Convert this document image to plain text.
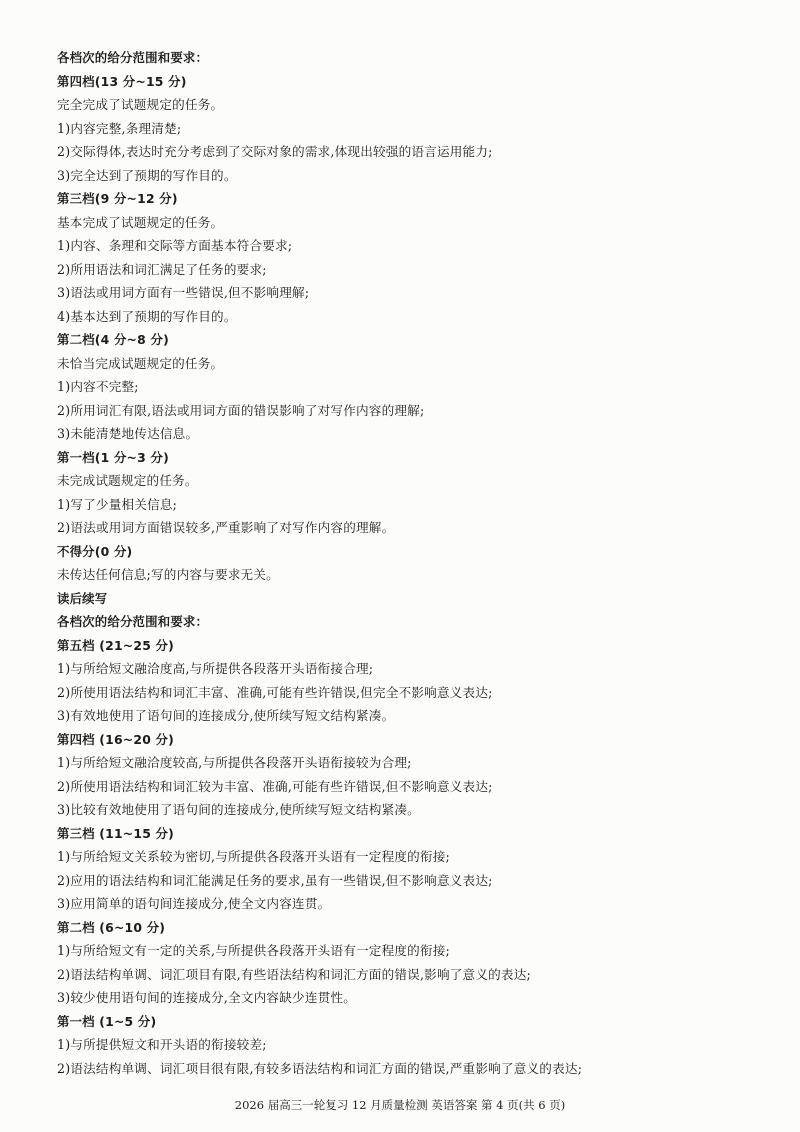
各档次的给分范围和要求：
第四档(13 分~15 分)
完全完成了试题规定的任务。
1)内容完整,条理清楚;
2)交际得体,表达时充分考虑到了交际对象的需求,体现出较强的语言运用能力;
3)完全达到了预期的写作目的。
第三档(9 分~12 分)
基本完成了试题规定的任务。
1)内容、条理和交际等方面基本符合要求;
2)所用语法和词汇满足了任务的要求;
3)语法或用词方面有一些错误,但不影响理解;
4)基本达到了预期的写作目的。
第二档(4 分~8 分)
未恰当完成试题规定的任务。
1)内容不完整;
2)所用词汇有限,语法或用词方面的错误影响了对写作内容的理解;
3)未能清楚地传达信息。
第一档(1 分~3 分)
未完成试题规定的任务。
1)写了少量相关信息;
2)语法或用词方面错误较多,严重影响了对写作内容的理解。
不得分(0 分)
未传达任何信息;写的内容与要求无关。
读后续写
各档次的给分范围和要求：
第五档 (21~25 分)
1)与所给短文融洽度高,与所提供各段落开头语衔接合理;
2)所使用语法结构和词汇丰富、准确,可能有些许错误,但完全不影响意义表达;
3)有效地使用了语句间的连接成分,使所续写短文结构紧凑。
第四档 (16~20 分)
1)与所给短文融洽度较高,与所提供各段落开头语衔接较为合理;
2)所使用语法结构和词汇较为丰富、准确,可能有些许错误,但不影响意义表达;
3)比较有效地使用了语句间的连接成分,使所续写短文结构紧凑。
第三档 (11~15 分)
1)与所给短文关系较为密切,与所提供各段落开头语有一定程度的衔接;
2)应用的语法结构和词汇能满足任务的要求,虽有一些错误,但不影响意义表达;
3)应用简单的语句间连接成分,使全文内容连贯。
第二档 (6~10 分)
1)与所给短文有一定的关系,与所提供各段落开头语有一定程度的衔接;
2)语法结构单调、词汇项目有限,有些语法结构和词汇方面的错误,影响了意义的表达;
3)较少使用语句间的连接成分,全文内容缺少连贯性。
第一档 (1~5 分)
1)与所提供短文和开头语的衔接较差;
2)语法结构单调、词汇项目很有限,有较多语法结构和词汇方面的错误,严重影响了意义的表达;
2026 届高三一轮复习 12 月质量检测 英语答案 第 4 页(共 6 页)
